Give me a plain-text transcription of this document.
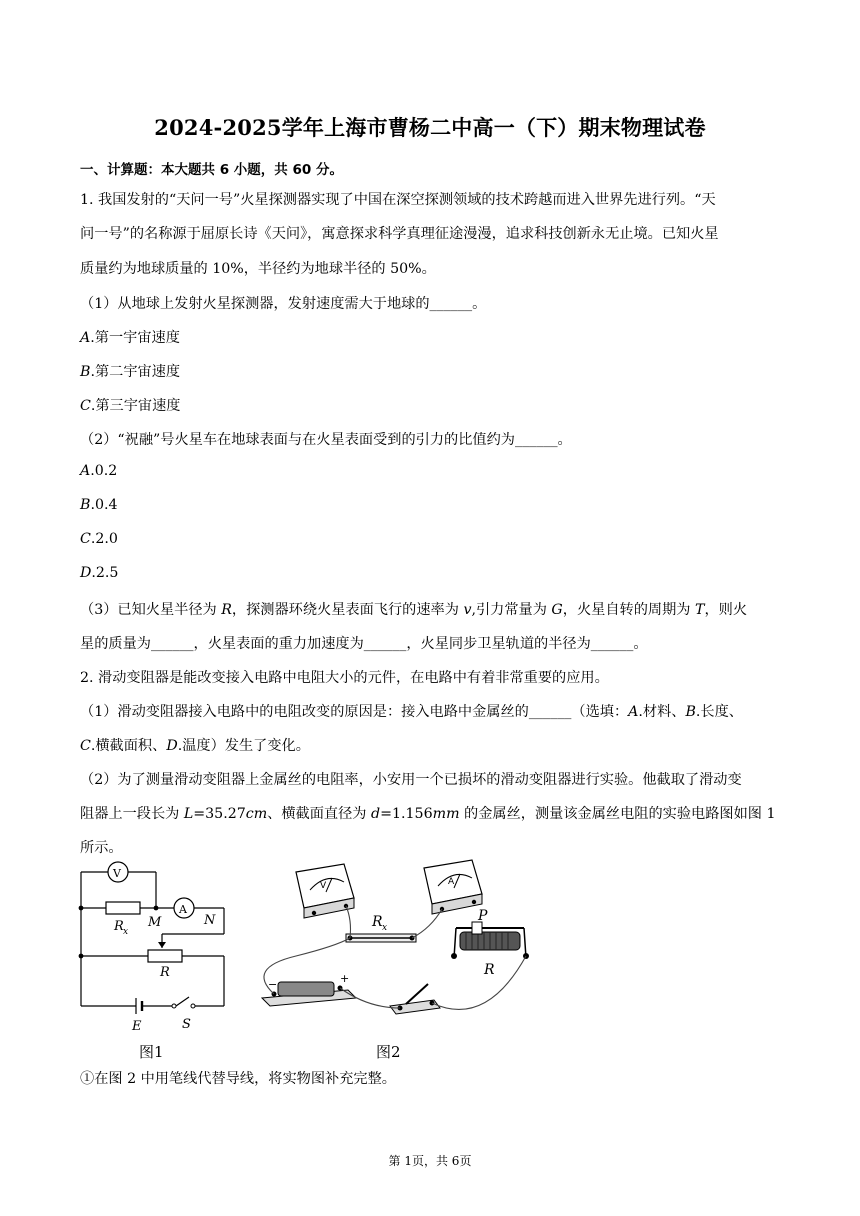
2024-2025学年上海市曹杨二中高一（下）期末物理试卷
一、计算题：本大题共 6 小题，共 60 分。
1. 我国发射的“天问一号”火星探测器实现了中国在深空探测领域的技术跨越而进入世界先进行列。“天
问一号”的名称源于屈原长诗《天问》，寓意探求科学真理征途漫漫，追求科技创新永无止境。已知火星
质量约为地球质量的 10%，半径约为地球半径的 50%。
（1）从地球上发射火星探测器，发射速度需大于地球的______。
A.第一宇宙速度
B.第二宇宙速度
C.第三宇宙速度
（2）“祝融”号火星车在地球表面与在火星表面受到的引力的比值约为______。
A.0.2
B.0.4
C.2.0
D.2.5
（3）已知火星半径为 R，探测器环绕火星表面飞行的速率为 v,引力常量为 G，火星自转的周期为 T，则火
星的质量为______，火星表面的重力加速度为______，火星同步卫星轨道的半径为______。
2. 滑动变阻器是能改变接入电路中电阻大小的元件，在电路中有着非常重要的应用。
（1）滑动变阻器接入电路中的电阻改变的原因是：接入电路中金属丝的______（选填：A.材料、B.长度、
C.横截面积、D.温度）发生了变化。
（2）为了测量滑动变阻器上金属丝的电阻率，小安用一个已损坏的滑动变阻器进行实验。他截取了滑动变
阻器上一段长为 L=35.27cm、横截面直径为 d=1.156mm 的金属丝，测量该金属丝电阻的实验电路图如图 1
所示。
V
A
R x
M	N
R
E	S
V	A
R x
P
R
−	+
图1	图2
①在图 2 中用笔线代替导线，将实物图补充完整。
第 1页，共 6页
